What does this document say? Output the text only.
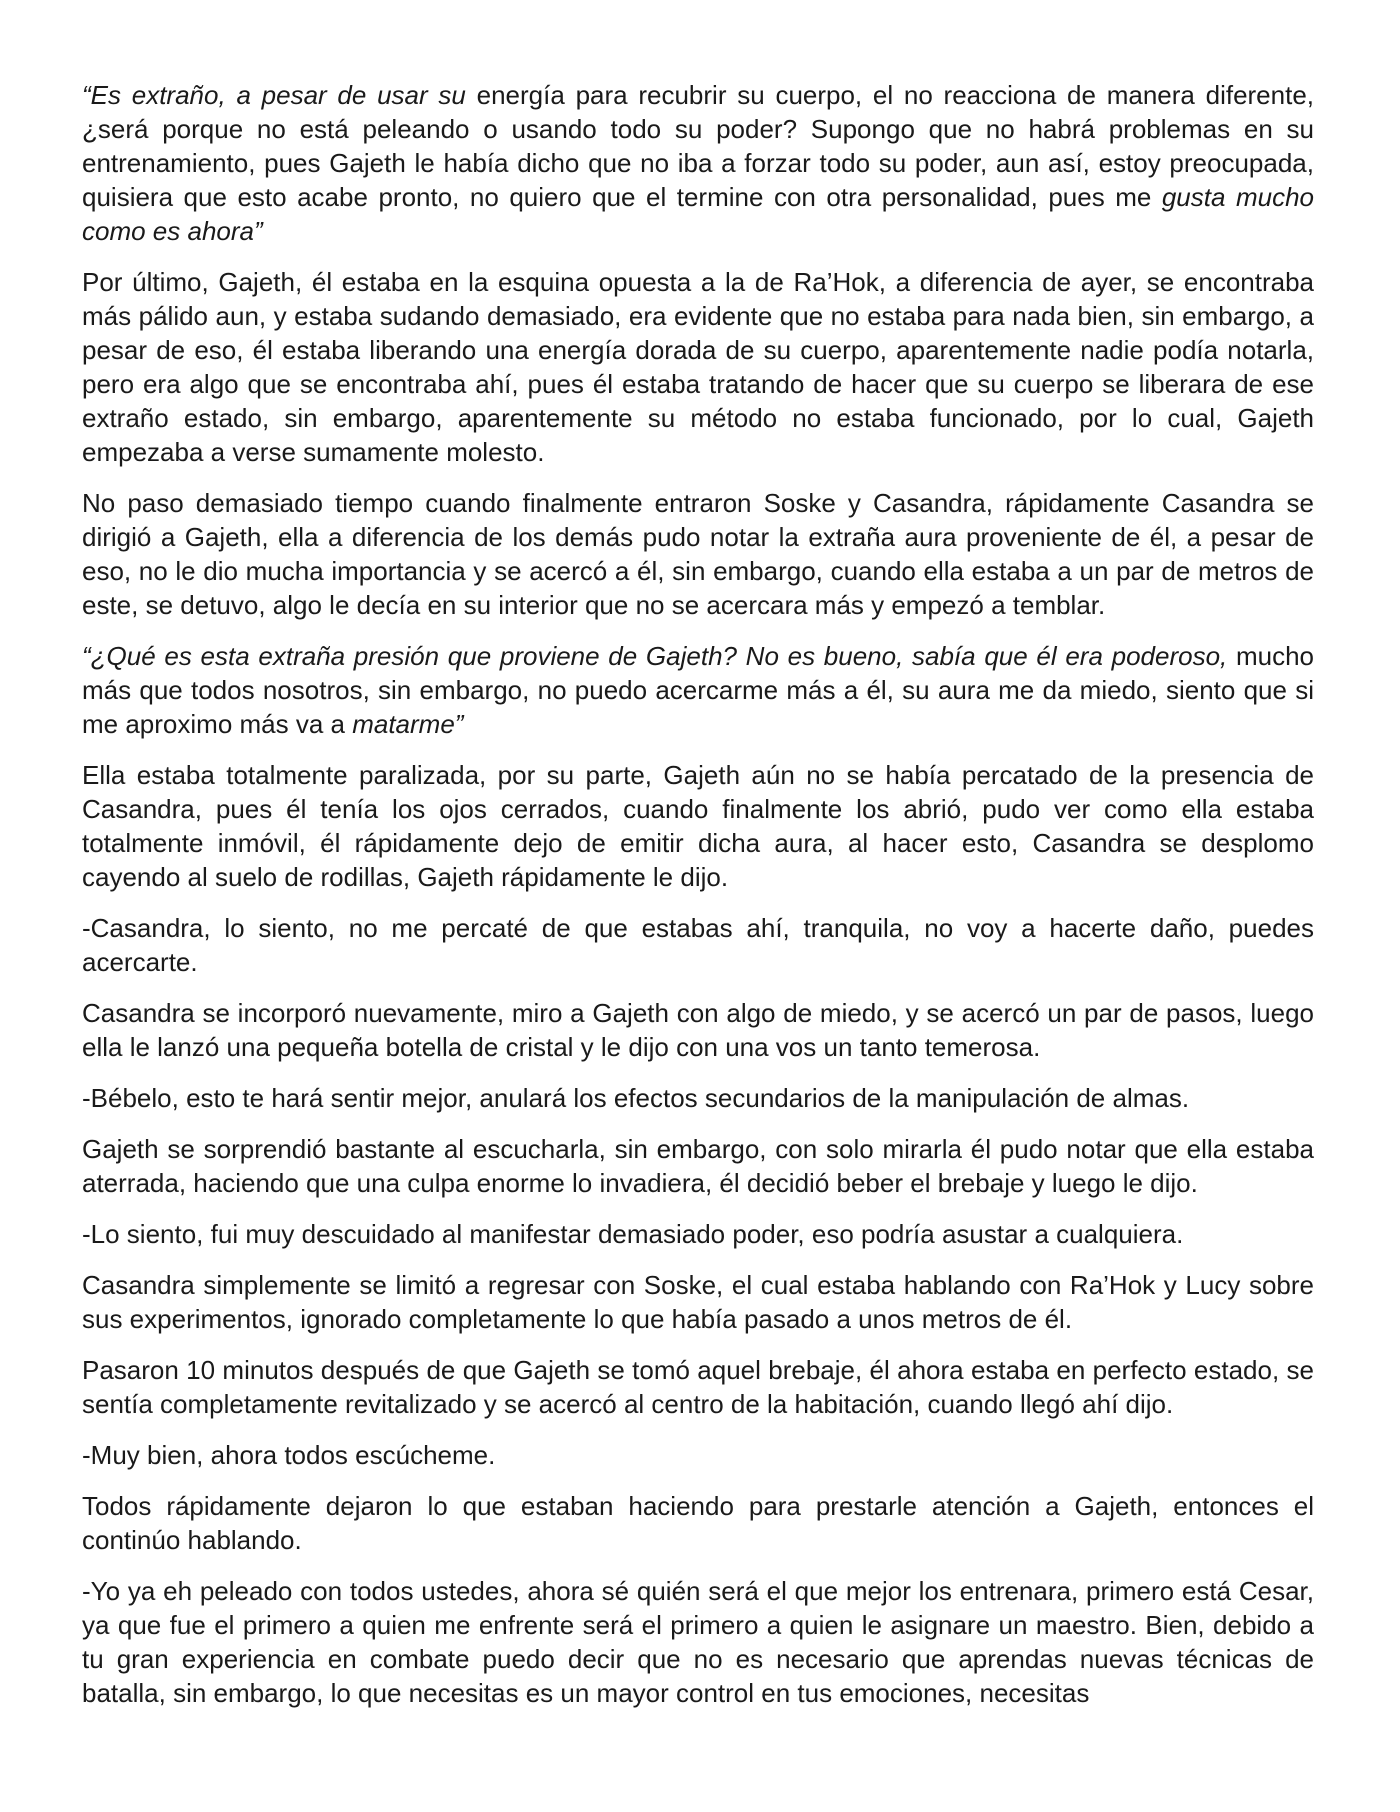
“Es extraño, a pesar de usar su energía para recubrir su cuerpo, el no reacciona de manera diferente, ¿será porque no está peleando o usando todo su poder? Supongo que no habrá problemas en su entrenamiento, pues Gajeth le había dicho que no iba a forzar todo su poder, aun así, estoy preocupada, quisiera que esto acabe pronto, no quiero que el termine con otra personalidad, pues me gusta mucho como es ahora”

Por último, Gajeth, él estaba en la esquina opuesta a la de Ra’Hok, a diferencia de ayer, se encontraba más pálido aun, y estaba sudando demasiado, era evidente que no estaba para nada bien, sin embargo, a pesar de eso, él estaba liberando una energía dorada de su cuerpo, aparentemente nadie podía notarla, pero era algo que se encontraba ahí, pues él estaba tratando de hacer que su cuerpo se liberara de ese extraño estado, sin embargo, aparentemente su método no estaba funcionado, por lo cual, Gajeth empezaba a verse sumamente molesto.

No paso demasiado tiempo cuando finalmente entraron Soske y Casandra, rápidamente Casandra se dirigió a Gajeth, ella a diferencia de los demás pudo notar la extraña aura proveniente de él, a pesar de eso, no le dio mucha importancia y se acercó a él, sin embargo, cuando ella estaba a un par de metros de este, se detuvo, algo le decía en su interior que no se acercara más y empezó a temblar.

“¿Qué es esta extraña presión que proviene de Gajeth? No es bueno, sabía que él era poderoso, mucho más que todos nosotros, sin embargo, no puedo acercarme más a él, su aura me da miedo, siento que si me aproximo más va a matarme”

Ella estaba totalmente paralizada, por su parte, Gajeth aún no se había percatado de la presencia de Casandra, pues él tenía los ojos cerrados, cuando finalmente los abrió, pudo ver como ella estaba totalmente inmóvil, él rápidamente dejo de emitir dicha aura, al hacer esto, Casandra se desplomo cayendo al suelo de rodillas, Gajeth rápidamente le dijo.

-Casandra, lo siento, no me percaté de que estabas ahí, tranquila, no voy a hacerte daño, puedes acercarte.

Casandra se incorporó nuevamente, miro a Gajeth con algo de miedo, y se acercó un par de pasos, luego ella le lanzó una pequeña botella de cristal y le dijo con una vos un tanto temerosa.

-Bébelo, esto te hará sentir mejor, anulará los efectos secundarios de la manipulación de almas.

Gajeth se sorprendió bastante al escucharla, sin embargo, con solo mirarla él pudo notar que ella estaba aterrada, haciendo que una culpa enorme lo invadiera, él decidió beber el brebaje y luego le dijo.

-Lo siento, fui muy descuidado al manifestar demasiado poder, eso podría asustar a cualquiera.

Casandra simplemente se limitó a regresar con Soske, el cual estaba hablando con Ra’Hok y Lucy sobre sus experimentos, ignorado completamente lo que había pasado a unos metros de él.

Pasaron 10 minutos después de que Gajeth se tomó aquel brebaje, él ahora estaba en perfecto estado, se sentía completamente revitalizado y se acercó al centro de la habitación, cuando llegó ahí dijo.

-Muy bien, ahora todos escúcheme.

Todos rápidamente dejaron lo que estaban haciendo para prestarle atención a Gajeth, entonces el continúo hablando.

-Yo ya eh peleado con todos ustedes, ahora sé quién será el que mejor los entrenara, primero está Cesar, ya que fue el primero a quien me enfrente será el primero a quien le asignare un maestro. Bien, debido a tu gran experiencia en combate puedo decir que no es necesario que aprendas nuevas técnicas de batalla, sin embargo, lo que necesitas es un mayor control en tus emociones, necesitas
